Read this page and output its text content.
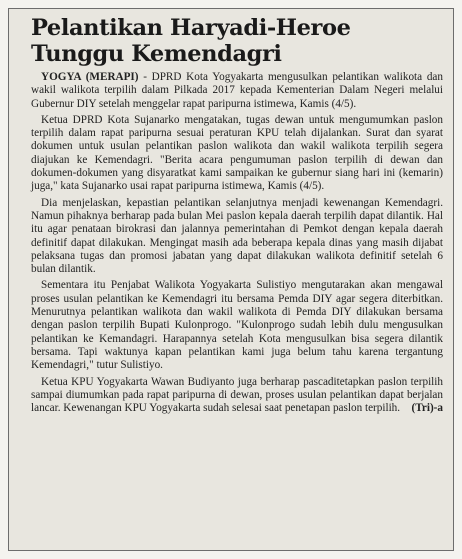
Pelantikan Haryadi-Heroe
Tunggu Kemendagri

YOGYA (MERAPI) - DPRD Kota Yogyakarta mengusulkan pelantikan walikota dan wakil walikota terpilih dalam Pilkada 2017 kepada Kementerian Dalam Negeri melalui Gubernur DIY setelah menggelar rapat paripurna istimewa, Kamis (4/5).

Ketua DPRD Kota Sujanarko mengatakan, tugas dewan untuk mengumumkan paslon terpilih dalam rapat paripurna sesuai peraturan KPU telah dijalankan. Surat dan syarat dokumen untuk usulan pelantikan paslon walikota dan wakil walikota terpilih segera diajukan ke Kemendagri. "Berita acara pengumuman paslon terpilih di dewan dan dokumen-dokumen yang disyaratkat kami sampaikan ke gubernur siang hari ini (kemarin) juga," kata Sujanarko usai rapat paripurna istimewa, Kamis (4/5).

Dia menjelaskan, kepastian pelantikan selanjutnya menjadi kewenangan Kemendagri. Namun pihaknya berharap pada bulan Mei paslon kepala daerah terpilih dapat dilantik. Hal itu agar penataan birokrasi dan jalannya pemerintahan di Pemkot dengan kepala daerah definitif dapat dilakukan. Mengingat masih ada beberapa kepala dinas yang masih dijabat pelaksana tugas dan promosi jabatan yang dapat dilakukan walikota definitif setelah 6 bulan dilantik.

Sementara itu Penjabat Walikota Yogyakarta Sulistiyo mengutarakan akan mengawal proses usulan pelantikan ke Kemendagri itu bersama Pemda DIY agar segera diterbitkan. Menurutnya pelantikan walikota dan wakil walikota di Pemda DIY dilakukan bersama dengan paslon terpilih Bupati Kulonprogo. "Kulonprogo sudah lebih dulu mengusulkan pelantikan ke Kemandagri. Harapannya setelah Kota mengusulkan bisa segera dilantik bersama. Tapi waktunya kapan pelantikan kami juga belum tahu karena tergantung Kemendagri," tutur Sulistiyo.

Ketua KPU Yogyakarta Wawan Budiyanto juga berharap pascaditetapkan paslon terpilih sampai diumumkan pada rapat paripurna di dewan, proses usulan pelantikan dapat berjalan lancar. Kewenangan KPU Yogyakarta sudah selesai saat penetapan paslon terpilih. (Tri)-a
